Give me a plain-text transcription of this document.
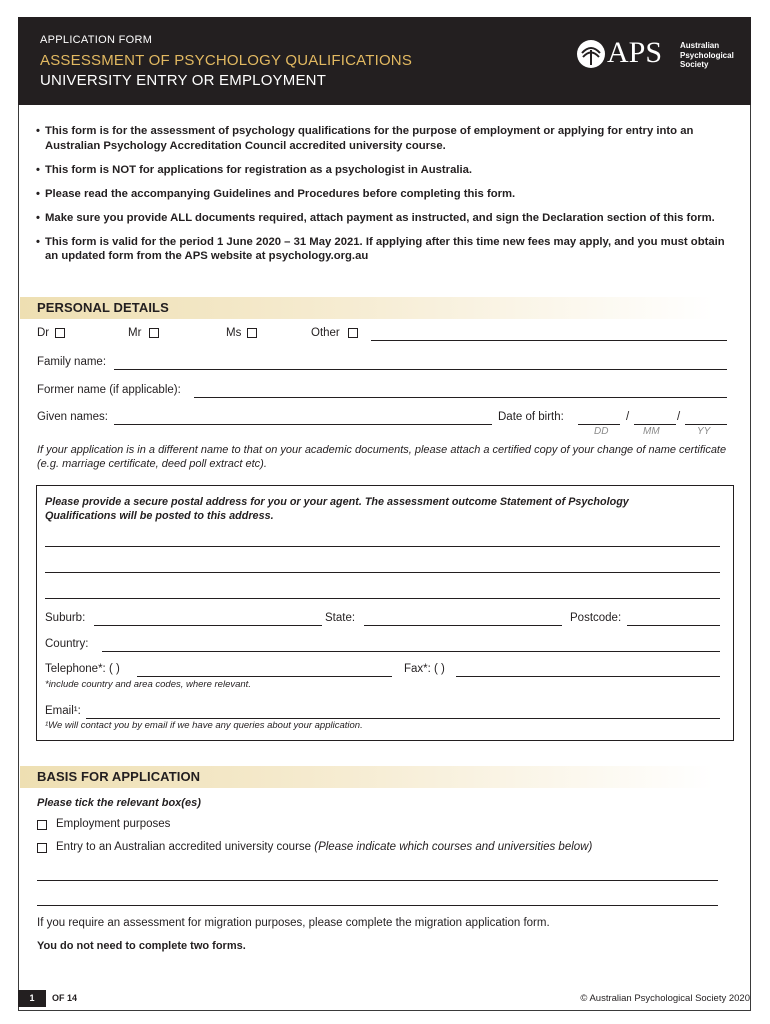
APPLICATION FORM
ASSESSMENT OF PSYCHOLOGY QUALIFICATIONS
UNIVERSITY ENTRY OR EMPLOYMENT
APS Australian
Psychological
Society
• This form is for the assessment of psychology qualifications for the purpose of employment or applying for entry into an Australian Psychology Accreditation Council accredited university course.
• This form is NOT for applications for registration as a psychologist in Australia.
• Please read the accompanying Guidelines and Procedures before completing this form.
• Make sure you provide ALL documents required, attach payment as instructed, and sign the Declaration section of this form.
• This form is valid for the period 1 June 2020 – 31 May 2021. If applying after this time new fees may apply, and you must obtain an updated form from the APS website at psychology.org.au
PERSONAL DETAILS
Dr	Mr	Ms	Other
Family name:
Former name (if applicable):
Given names:	Date of birth:	/	/
DD	MM	YY
If your application is in a different name to that on your academic documents, please attach a certified copy of your change of name certificate (e.g. marriage certificate, deed poll extract etc).
Please provide a secure postal address for you or your agent. The assessment outcome Statement of Psychology Qualifications will be posted to this address.
Suburb:	State:	Postcode:
Country:
Telephone*: ( )	Fax*: ( )
*include country and area codes, where relevant.
Email¹:
¹We will contact you by email if we have any queries about your application.
BASIS FOR APPLICATION
Please tick the relevant box(es)
Employment purposes
Entry to an Australian accredited university course (Please indicate which courses and universities below)
If you require an assessment for migration purposes, please complete the migration application form.
You do not need to complete two forms.
1	OF 14	© Australian Psychological Society 2020
